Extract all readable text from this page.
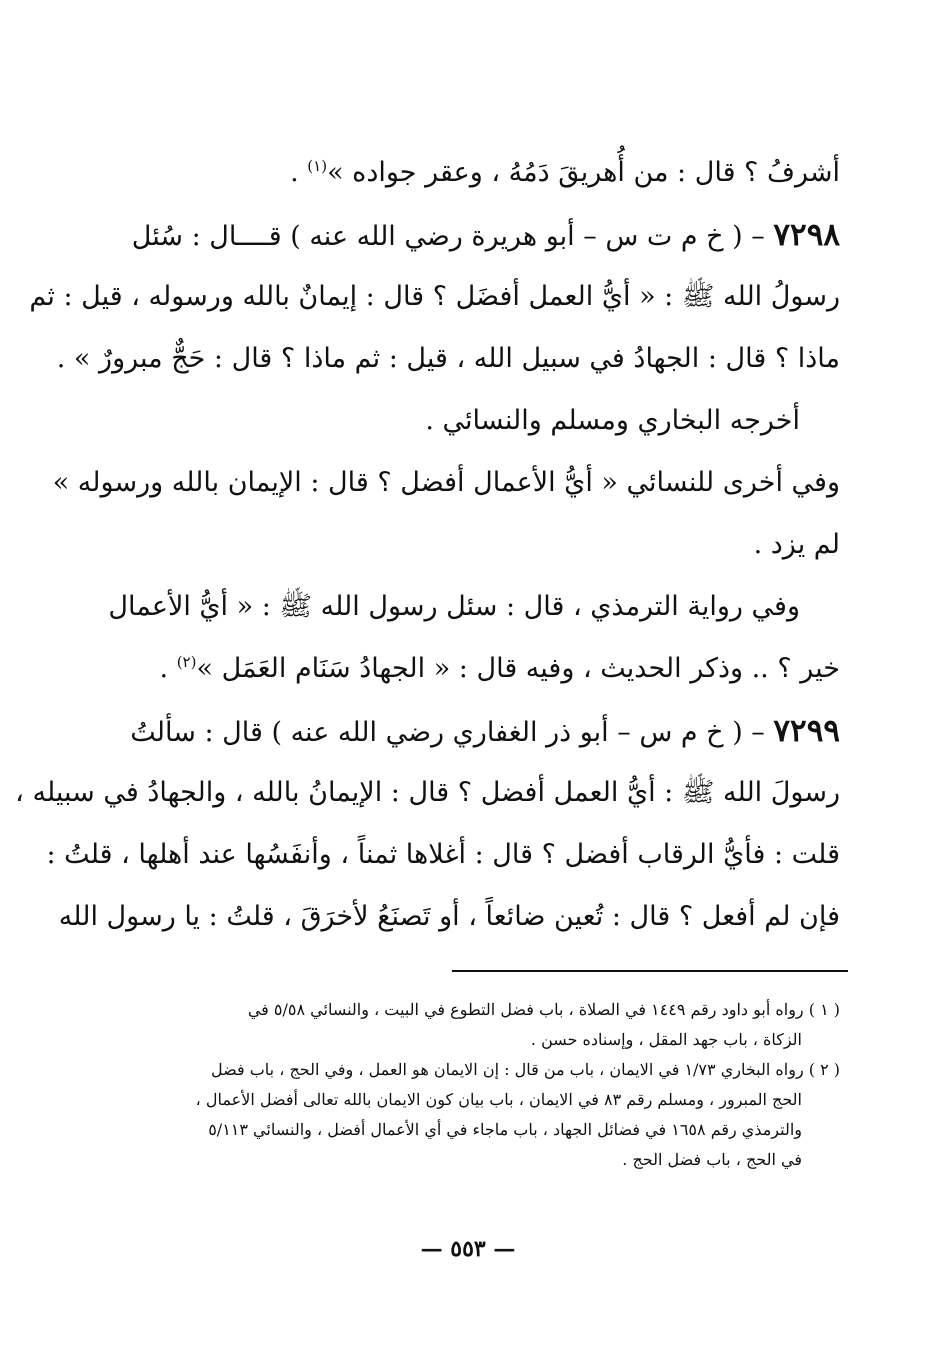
أشرفُ ؟ قال : من أُهريقَ دَمُهُ ، وعقر جواده »$^{(١)}$ .
٧٢٩٨ – ( خ م ت س – أبو هريرة رضي الله عنه ) قــــال : سُئل
رسولُ الله ﷺ : « أيُّ العمل أفضَل ؟ قال : إيمانٌ بالله ورسوله ، قيل : ثم
ماذا ؟ قال : الجهادُ في سبيل الله ، قيل : ثم ماذا ؟ قال : حَجٌّ مبرورٌ » .
أخرجه البخاري ومسلم والنسائي .
وفي أخرى للنسائي « أيُّ الأعمال أفضل ؟ قال : الإيمان بالله ورسوله »
لم يزد .
وفي رواية الترمذي ، قال : سئل رسول الله ﷺ : « أيُّ الأعمال
خير ؟ .. وذكر الحديث ، وفيه قال : « الجهادُ سَنَام العَمَل »$^{(٢)}$ .
٧٢٩٩ – ( خ م س – أبو ذر الغفاري رضي الله عنه ) قال : سألتُ
رسولَ الله ﷺ : أيُّ العمل أفضل ؟ قال : الإيمانُ بالله ، والجهادُ في سبيله ،
قلت : فأيُّ الرقاب أفضل ؟ قال : أغلاها ثمناً ، وأنفَسُها عند أهلها ، قلتُ :
فإن لم أفعل ؟ قال : تُعين ضائعاً ، أو تَصنَعُ لأخرَقَ ، قلتُ : يا رسول الله
( ١ ) رواه أبو داود رقم ١٤٤٩ في الصلاة ، باب فضل التطوع في البيت ، والنسائي ٥/٥٨ في
الزكاة ، باب جهد المقل ، وإسناده حسن .
( ٢ ) رواه البخاري ١/٧٣ في الايمان ، باب من قال : إن الايمان هو العمل ، وفي الحج ، باب فضل
الحج المبرور ، ومسلم رقم ٨٣ في الايمان ، باب بيان كون الايمان بالله تعالى أفضل الأعمال ،
والترمذي رقم ١٦٥٨ في فضائل الجهاد ، باب ماجاء في أي الأعمال أفضل ، والنسائي ٥/١١٣
في الحج ، باب فضل الحج .
— ٥٥٣ —
